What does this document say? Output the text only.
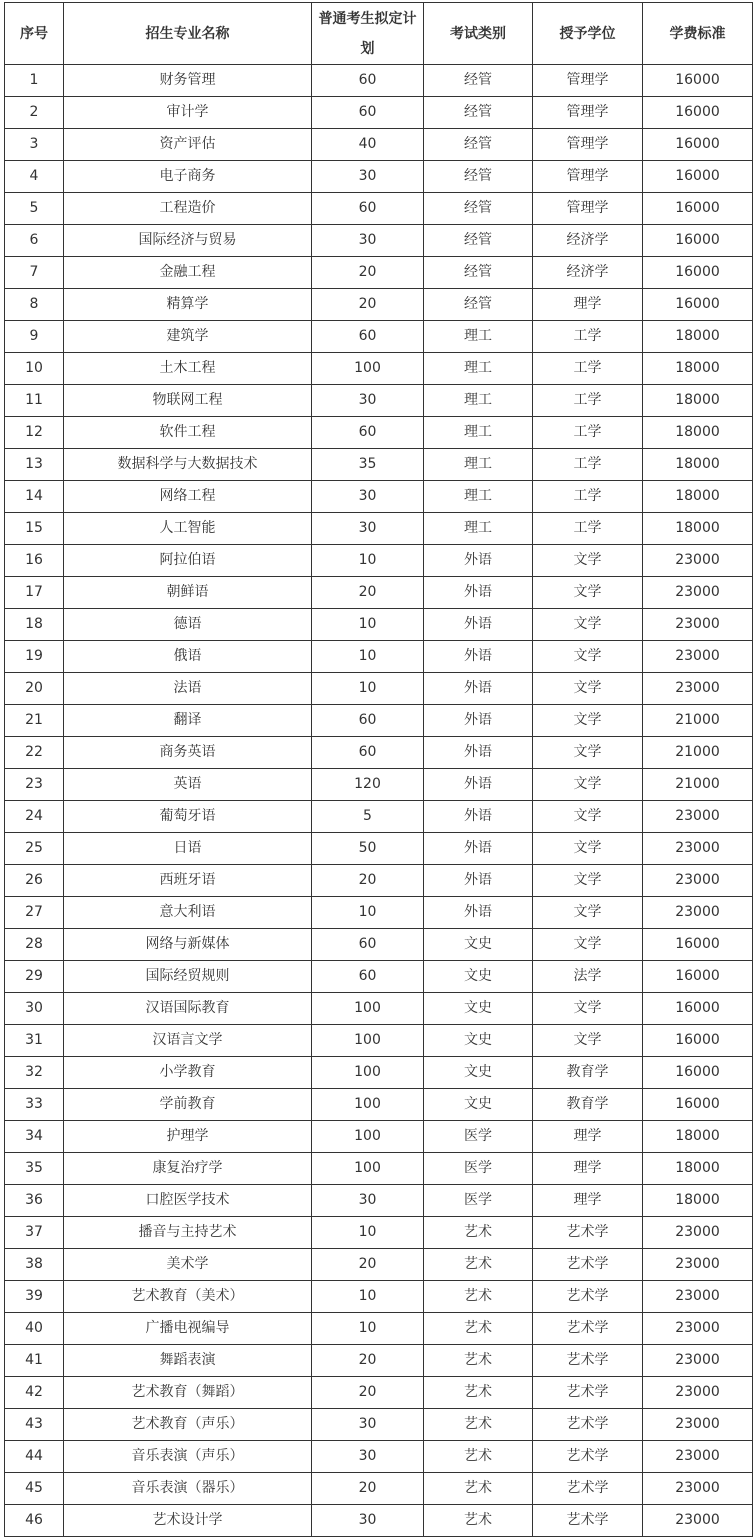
序号	招生专业名称	普通考生拟定计划	考试类别	授予学位	学费标准
1	财务管理	60	经管	管理学	16000
2	审计学	60	经管	管理学	16000
3	资产评估	40	经管	管理学	16000
4	电子商务	30	经管	管理学	16000
5	工程造价	60	经管	管理学	16000
6	国际经济与贸易	30	经管	经济学	16000
7	金融工程	20	经管	经济学	16000
8	精算学	20	经管	理学	16000
9	建筑学	60	理工	工学	18000
10	土木工程	100	理工	工学	18000
11	物联网工程	30	理工	工学	18000
12	软件工程	60	理工	工学	18000
13	数据科学与大数据技术	35	理工	工学	18000
14	网络工程	30	理工	工学	18000
15	人工智能	30	理工	工学	18000
16	阿拉伯语	10	外语	文学	23000
17	朝鲜语	20	外语	文学	23000
18	德语	10	外语	文学	23000
19	俄语	10	外语	文学	23000
20	法语	10	外语	文学	23000
21	翻译	60	外语	文学	21000
22	商务英语	60	外语	文学	21000
23	英语	120	外语	文学	21000
24	葡萄牙语	5	外语	文学	23000
25	日语	50	外语	文学	23000
26	西班牙语	20	外语	文学	23000
27	意大利语	10	外语	文学	23000
28	网络与新媒体	60	文史	文学	16000
29	国际经贸规则	60	文史	法学	16000
30	汉语国际教育	100	文史	文学	16000
31	汉语言文学	100	文史	文学	16000
32	小学教育	100	文史	教育学	16000
33	学前教育	100	文史	教育学	16000
34	护理学	100	医学	理学	18000
35	康复治疗学	100	医学	理学	18000
36	口腔医学技术	30	医学	理学	18000
37	播音与主持艺术	10	艺术	艺术学	23000
38	美术学	20	艺术	艺术学	23000
39	艺术教育（美术）	10	艺术	艺术学	23000
40	广播电视编导	10	艺术	艺术学	23000
41	舞蹈表演	20	艺术	艺术学	23000
42	艺术教育（舞蹈）	20	艺术	艺术学	23000
43	艺术教育（声乐）	30	艺术	艺术学	23000
44	音乐表演（声乐）	30	艺术	艺术学	23000
45	音乐表演（器乐）	20	艺术	艺术学	23000
46	艺术设计学	30	艺术	艺术学	23000
